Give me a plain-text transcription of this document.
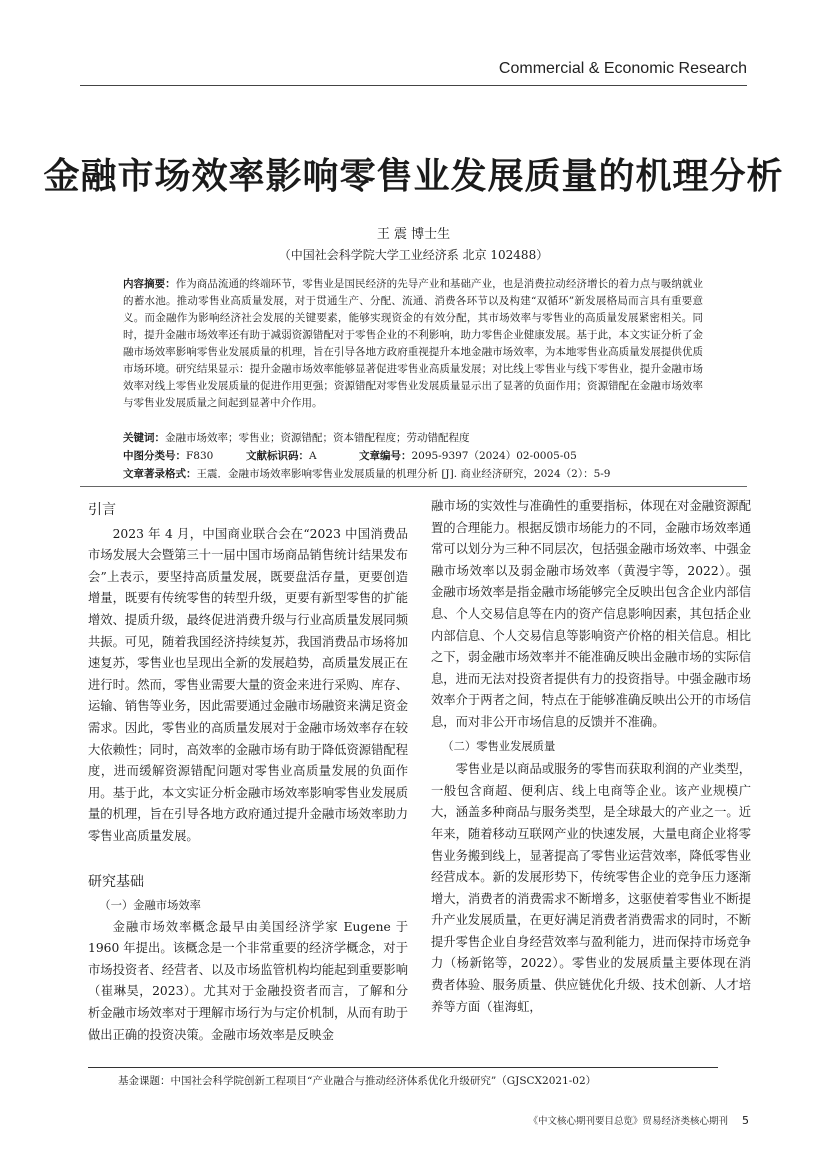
Commercial & Economic Research
金融市场效率影响零售业发展质量的机理分析
王 震 博士生
（中国社会科学院大学工业经济系 北京 102488）
内容摘要：作为商品流通的终端环节，零售业是国民经济的先导产业和基础产业，也是消费拉动经济增长的着力点与吸纳就业的蓄水池。推动零售业高质量发展，对于贯通生产、分配、流通、消费各环节以及构建“双循环”新发展格局而言具有重要意义。而金融作为影响经济社会发展的关键要素，能够实现资金的有效分配，其市场效率与零售业的高质量发展紧密相关。同时，提升金融市场效率还有助于减弱资源错配对于零售企业的不利影响，助力零售企业健康发展。基于此，本文实证分析了金融市场效率影响零售业发展质量的机理，旨在引导各地方政府重视提升本地金融市场效率，为本地零售业高质量发展提供优质市场环境。研究结果显示：提升金融市场效率能够显著促进零售业高质量发展；对比线上零售业与线下零售业，提升金融市场效率对线上零售业发展质量的促进作用更强；资源错配对零售业发展质量显示出了显著的负面作用；资源错配在金融市场效率与零售业发展质量之间起到显著中介作用。
关键词：金融市场效率；零售业；资源错配；资本错配程度；劳动错配程度
中图分类号：F830	文献标识码：A	文章编号：2095-9397（2024）02-0005-05
文章著录格式：王震．金融市场效率影响零售业发展质量的机理分析 [J]. 商业经济研究，2024（2）：5-9
引言

2023 年 4 月，中国商业联合会在“2023 中国消费品市场发展大会暨第三十一届中国市场商品销售统计结果发布会”上表示，要坚持高质量发展，既要盘活存量，更要创造增量，既要有传统零售的转型升级，更要有新型零售的扩能增效、提质升级，最终促进消费升级与行业高质量发展同频共振。可见，随着我国经济持续复苏，我国消费品市场将加速复苏，零售业也呈现出全新的发展趋势，高质量发展正在进行时。然而，零售业需要大量的资金来进行采购、库存、运输、销售等业务，因此需要通过金融市场融资来满足资金需求。因此，零售业的高质量发展对于金融市场效率存在较大依赖性；同时，高效率的金融市场有助于降低资源错配程度，进而缓解资源错配问题对零售业高质量发展的负面作用。基于此，本文实证分析金融市场效率影响零售业发展质量的机理，旨在引导各地方政府通过提升金融市场效率助力零售业高质量发展。

研究基础
（一）金融市场效率

金融市场效率概念最早由美国经济学家 Eugene 于 1960 年提出。该概念是一个非常重要的经济学概念，对于市场投资者、经营者、以及市场监管机构均能起到重要影响（崔琳昊，2023）。尤其对于金融投资者而言，了解和分析金融市场效率对于理解市场行为与定价机制，从而有助于做出正确的投资决策。金融市场效率是反映金

融市场的实效性与准确性的重要指标，体现在对金融资源配置的合理能力。根据反馈市场能力的不同，金融市场效率通常可以划分为三种不同层次，包括强金融市场效率、中强金融市场效率以及弱金融市场效率（黄漫宇等，2022）。强金融市场效率是指金融市场能够完全反映出包含企业内部信息、个人交易信息等在内的资产信息影响因素，其包括企业内部信息、个人交易信息等影响资产价格的相关信息。相比之下，弱金融市场效率并不能准确反映出金融市场的实际信息，进而无法对投资者提供有力的投资指导。中强金融市场效率介于两者之间，特点在于能够准确反映出公开的市场信息，而对非公开市场信息的反馈并不准确。

（二）零售业发展质量

零售业是以商品或服务的零售而获取利润的产业类型，一般包含商超、便利店、线上电商等企业。该产业规模广大，涵盖多种商品与服务类型，是全球最大的产业之一。近年来，随着移动互联网产业的快速发展，大量电商企业将零售业务搬到线上，显著提高了零售业运营效率，降低零售业经营成本。新的发展形势下，传统零售企业的竞争压力逐渐增大，消费者的消费需求不断增多，这驱使着零售业不断提升产业发展质量，在更好满足消费者消费需求的同时，不断提升零售企业自身经营效率与盈利能力，进而保持市场竞争力（杨新铭等，2022）。零售业的发展质量主要体现在消费者体验、服务质量、供应链优化升级、技术创新、人才培养等方面（崔海虹，

基金课题：中国社会科学院创新工程项目“产业融合与推动经济体系优化升级研究”（GJSCX2021-02）
《中文核心期刊要目总览》贸易经济类核心期刊 5
